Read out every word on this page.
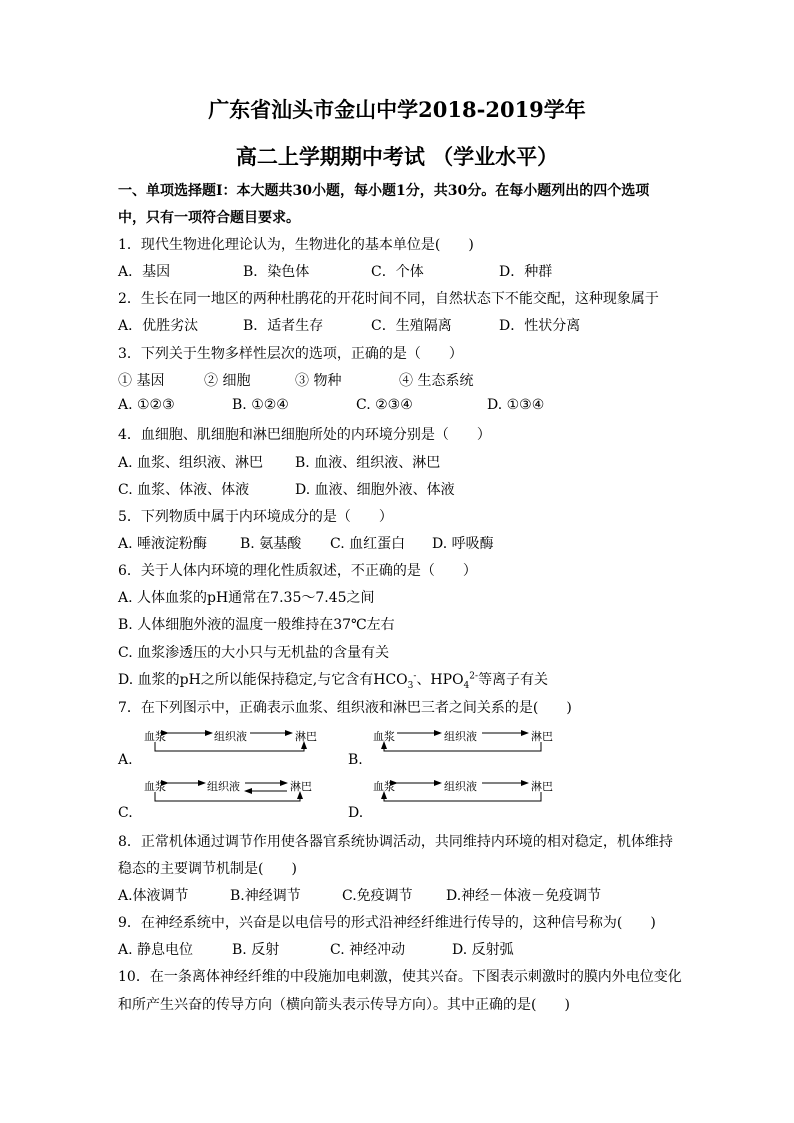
广东省汕头市金山中学2018-2019学年
高二上学期期中考试 （学业水平）
一、单项选择题Ⅰ：本大题共30小题，每小题1分，共30分。在每小题列出的四个选项
中，只有一项符合题目要求。
1．现代生物进化理论认为，生物进化的基本单位是(　　)
A．基因	B．染色体	C．个体	D．种群
2．生长在同一地区的两种杜鹃花的开花时间不同，自然状态下不能交配，这种现象属于
A．优胜劣汰	B．适者生存	C．生殖隔离	D．性状分离
3．下列关于生物多样性层次的选项，正确的是（　　）
① 基因	② 细胞	③ 物种	④ 生态系统
A. ①②③	B. ①②④	C. ②③④	D. ①③④
4．血细胞、肌细胞和淋巴细胞所处的内环境分别是（　　）
A. 血浆、组织液、淋巴 B. 血液、组织液、淋巴
C. 血浆、体液、体液	D. 血液、细胞外液、体液
5．下列物质中属于内环境成分的是（　　）
A. 唾液淀粉酶 B. 氨基酸 C. 血红蛋白 D. 呼吸酶
6．关于人体内环境的理化性质叙述，不正确的是（　　）
A. 人体血浆的pH通常在7.35～7.45之间
B. 人体细胞外液的温度一般维持在37℃左右
C. 血浆渗透压的大小只与无机盐的含量有关
D. 血浆的pH之所以能保持稳定,与它含有$HCO_3^-$、$HPO_4^{2-}$等离子有关
7．在下列图示中，正确表示血浆、组织液和淋巴三者之间关系的是(　　)
血浆	组织液	淋巴	血浆	组织液	淋巴
血浆	组织液	淋巴	血浆	组织液	淋巴
A.	B.
C.	D.
8．正常机体通过调节作用使各器官系统协调活动，共同维持内环境的相对稳定，机体维持
稳态的主要调节机制是(　　)
A.体液调节	B.神经调节	C.免疫调节 D.神经－体液－免疫调节
9．在神经系统中，兴奋是以电信号的形式沿神经纤维进行传导的，这种信号称为(　　)
A. 静息电位	B. 反射	C. 神经冲动	D. 反射弧
10．在一条离体神经纤维的中段施加电刺激，使其兴奋。下图表示刺激时的膜内外电位变化
和所产生兴奋的传导方向（横向箭头表示传导方向）。其中正确的是(　　)
